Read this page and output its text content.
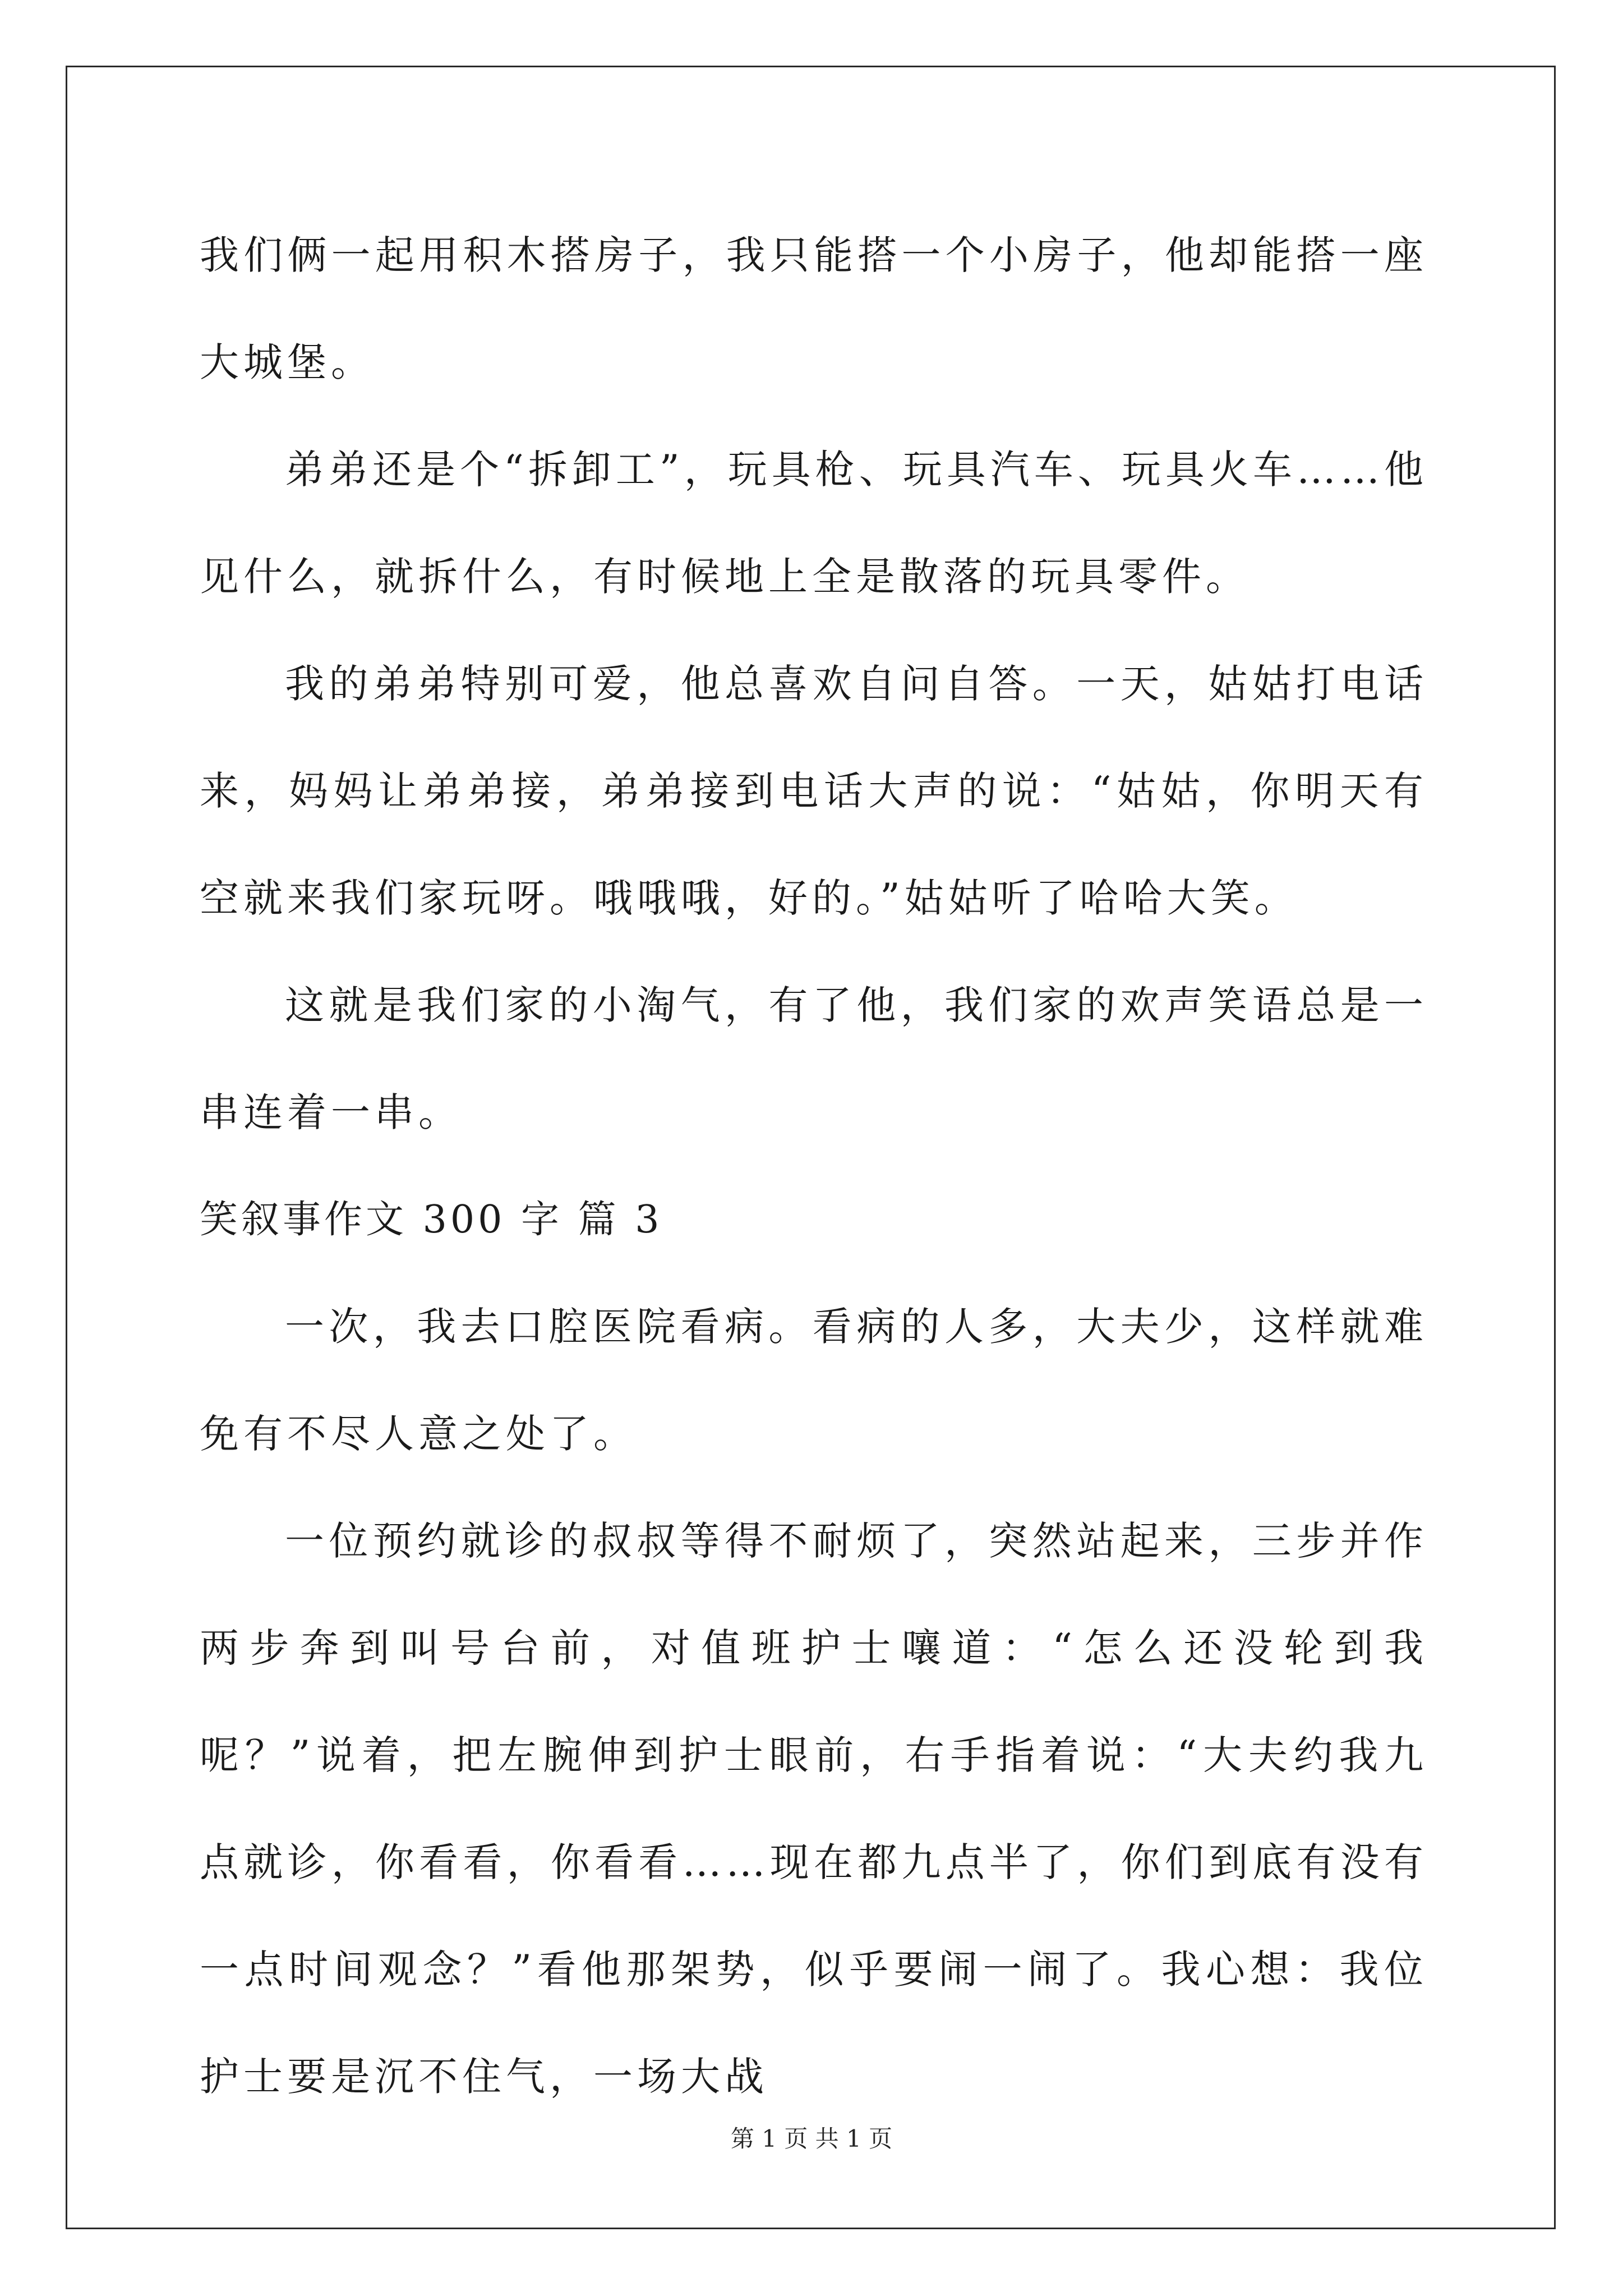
我们俩一起用积木搭房子，我只能搭一个小房子，他却能搭一座大城堡。

弟弟还是个“拆卸工”，玩具枪、玩具汽车、玩具火车……他见什么，就拆什么，有时候地上全是散落的玩具零件。

我的弟弟特别可爱，他总喜欢自问自答。一天，姑姑打电话来，妈妈让弟弟接，弟弟接到电话大声的说：“姑姑，你明天有空就来我们家玩呀。哦哦哦，好的。”姑姑听了哈哈大笑。

这就是我们家的小淘气，有了他，我们家的欢声笑语总是一串连着一串。

笑叙事作文 300 字 篇 3

一次，我去口腔医院看病。看病的人多，大夫少，这样就难免有不尽人意之处了。

一位预约就诊的叔叔等得不耐烦了，突然站起来，三步并作两步奔到叫号台前，对值班护士嚷道：“怎么还没轮到我呢？”说着，把左腕伸到护士眼前，右手指着说：“大夫约我九点就诊，你看看，你看看……现在都九点半了，你们到底有没有一点时间观念？”看他那架势，似乎要闹一闹了。我心想：我位护士要是沉不住气，一场大战

第 1 页 共 1 页
